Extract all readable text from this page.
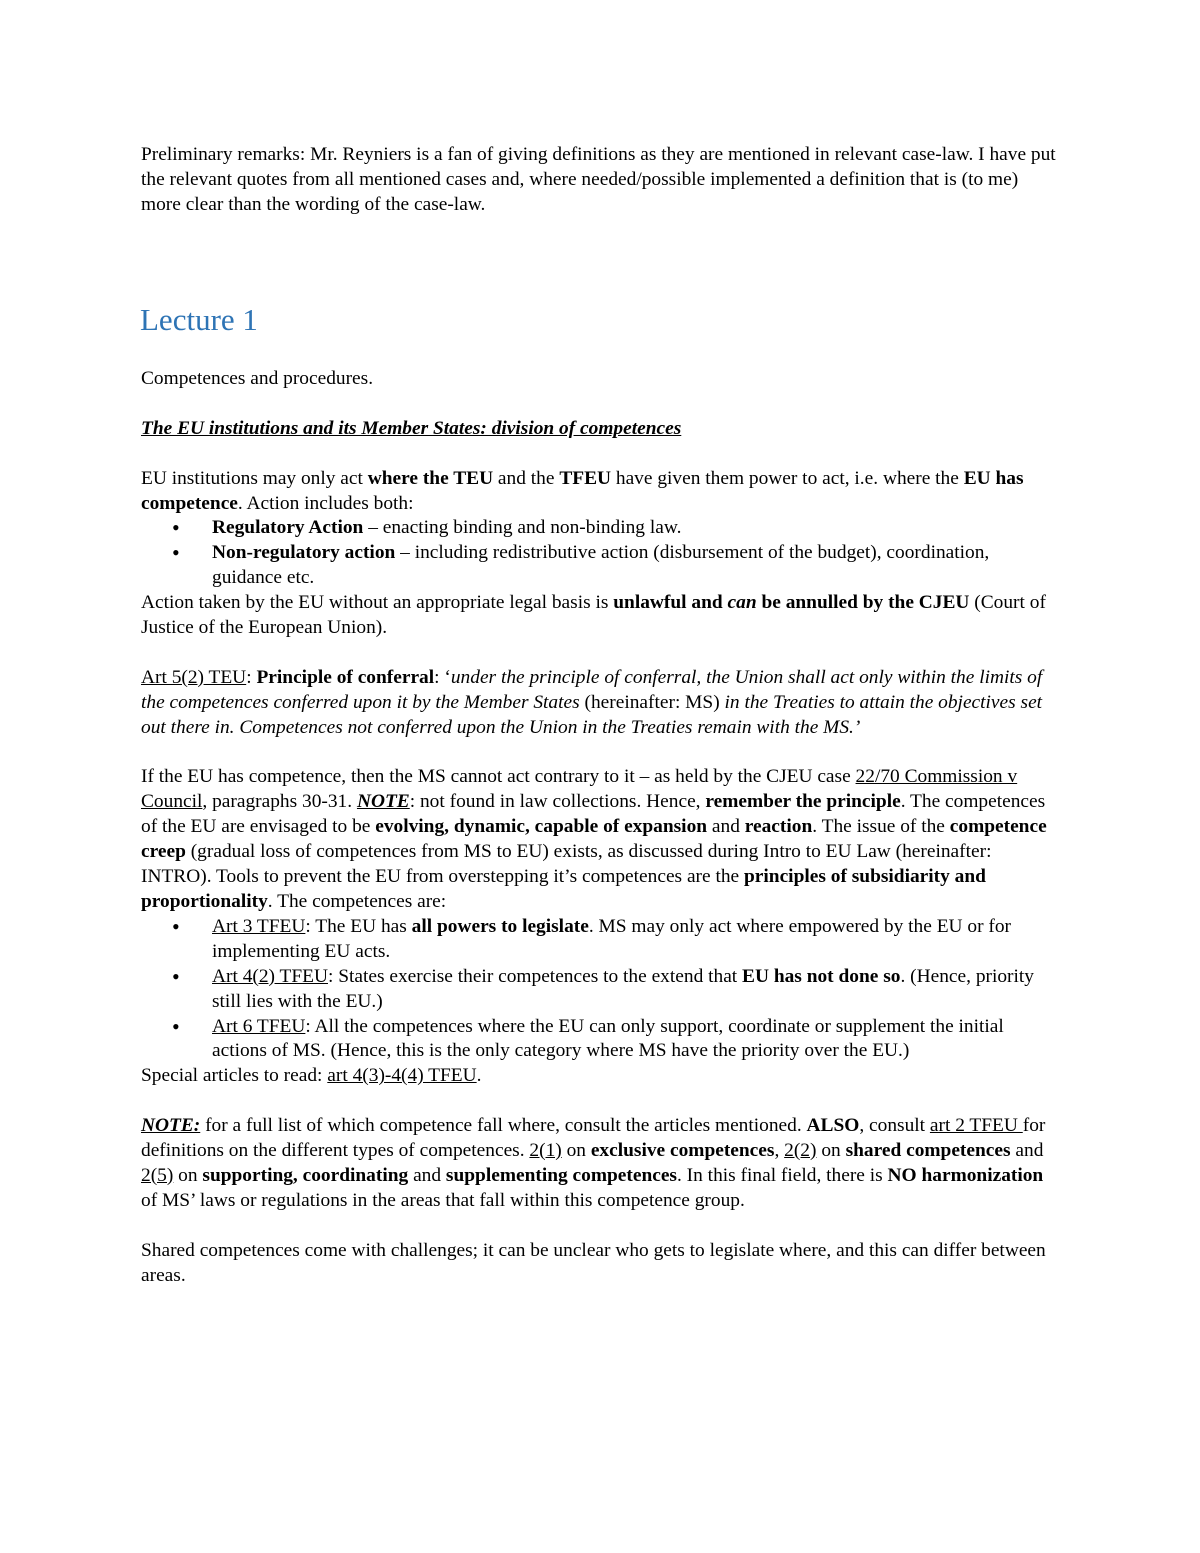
Preliminary remarks: Mr. Reyniers is a fan of giving definitions as they are mentioned in relevant case-law. I have put the relevant quotes from all mentioned cases and, where needed/possible implemented a definition that is (to me) more clear than the wording of the case-law.

Lecture 1

Competences and procedures.

The EU institutions and its Member States: division of competences

EU institutions may only act where the TEU and the TFEU have given them power to act, i.e. where the EU has competence. Action includes both:

• Regulatory Action – enacting binding and non-binding law.
• Non-regulatory action – including redistributive action (disbursement of the budget), coordination, guidance etc.

Action taken by the EU without an appropriate legal basis is unlawful and can be annulled by the CJEU (Court of Justice of the European Union).

Art 5(2) TEU: Principle of conferral: ‘under the principle of conferral, the Union shall act only within the limits of the competences conferred upon it by the Member States (hereinafter: MS) in the Treaties to attain the objectives set out there in. Competences not conferred upon the Union in the Treaties remain with the MS.’

If the EU has competence, then the MS cannot act contrary to it – as held by the CJEU case 22/70 Commission v Council, paragraphs 30-31. NOTE: not found in law collections. Hence, remember the principle. The competences of the EU are envisaged to be evolving, dynamic, capable of expansion and reaction. The issue of the competence creep (gradual loss of competences from MS to EU) exists, as discussed during Intro to EU Law (hereinafter: INTRO). Tools to prevent the EU from overstepping it’s competences are the principles of subsidiarity and proportionality. The competences are:

• Art 3 TFEU: The EU has all powers to legislate. MS may only act where empowered by the EU or for implementing EU acts.
• Art 4(2) TFEU: States exercise their competences to the extend that EU has not done so. (Hence, priority still lies with the EU.)
• Art 6 TFEU: All the competences where the EU can only support, coordinate or supplement the initial actions of MS. (Hence, this is the only category where MS have the priority over the EU.)

Special articles to read: art 4(3)-4(4) TFEU.

NOTE: for a full list of which competence fall where, consult the articles mentioned. ALSO, consult art 2 TFEU for definitions on the different types of competences. 2(1) on exclusive competences, 2(2) on shared competences and 2(5) on supporting, coordinating and supplementing competences. In this final field, there is NO harmonization of MS’ laws or regulations in the areas that fall within this competence group.

Shared competences come with challenges; it can be unclear who gets to legislate where, and this can differ between areas.
